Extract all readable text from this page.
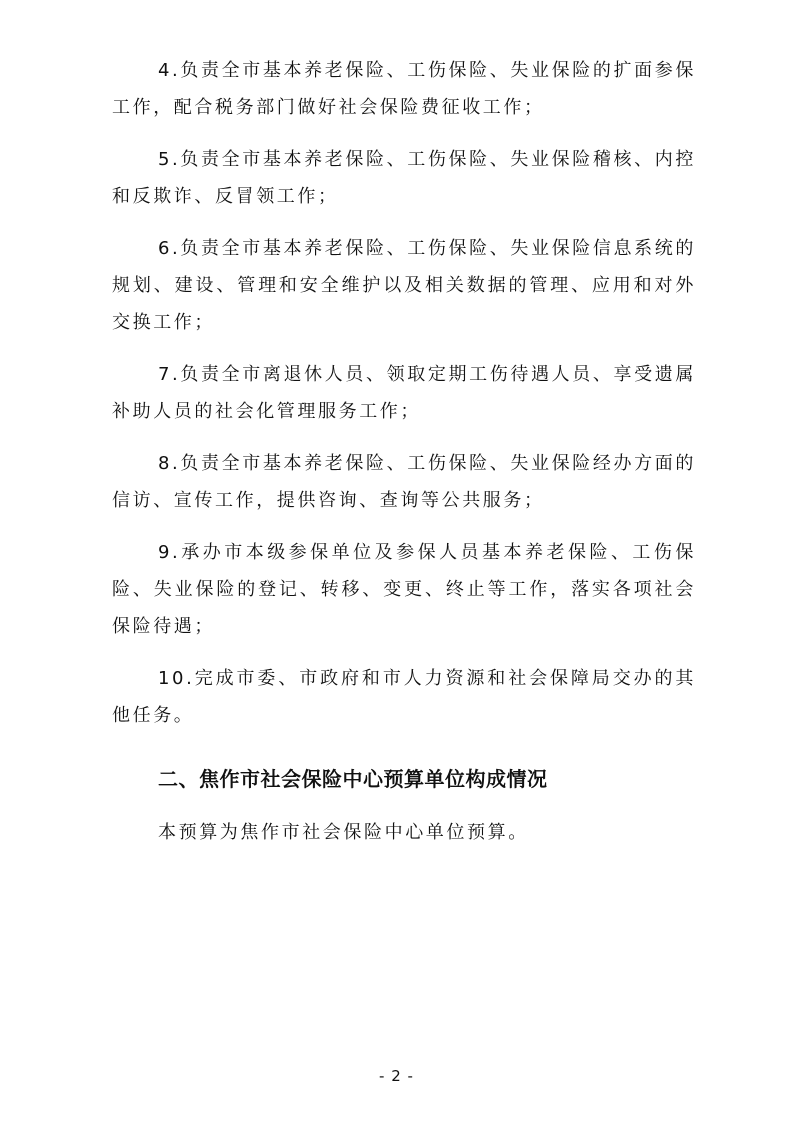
4.负责全市基本养老保险、工伤保险、失业保险的扩面参保工作，配合税务部门做好社会保险费征收工作；

5.负责全市基本养老保险、工伤保险、失业保险稽核、内控和反欺诈、反冒领工作；

6.负责全市基本养老保险、工伤保险、失业保险信息系统的规划、建设、管理和安全维护以及相关数据的管理、应用和对外交换工作；

7.负责全市离退休人员、领取定期工伤待遇人员、享受遗属补助人员的社会化管理服务工作；

8.负责全市基本养老保险、工伤保险、失业保险经办方面的信访、宣传工作，提供咨询、查询等公共服务；

9.承办市本级参保单位及参保人员基本养老保险、工伤保险、失业保险的登记、转移、变更、终止等工作，落实各项社会保险待遇；

10.完成市委、市政府和市人力资源和社会保障局交办的其他任务。

二、焦作市社会保险中心预算单位构成情况

本预算为焦作市社会保险中心单位预算。

- 2 -
